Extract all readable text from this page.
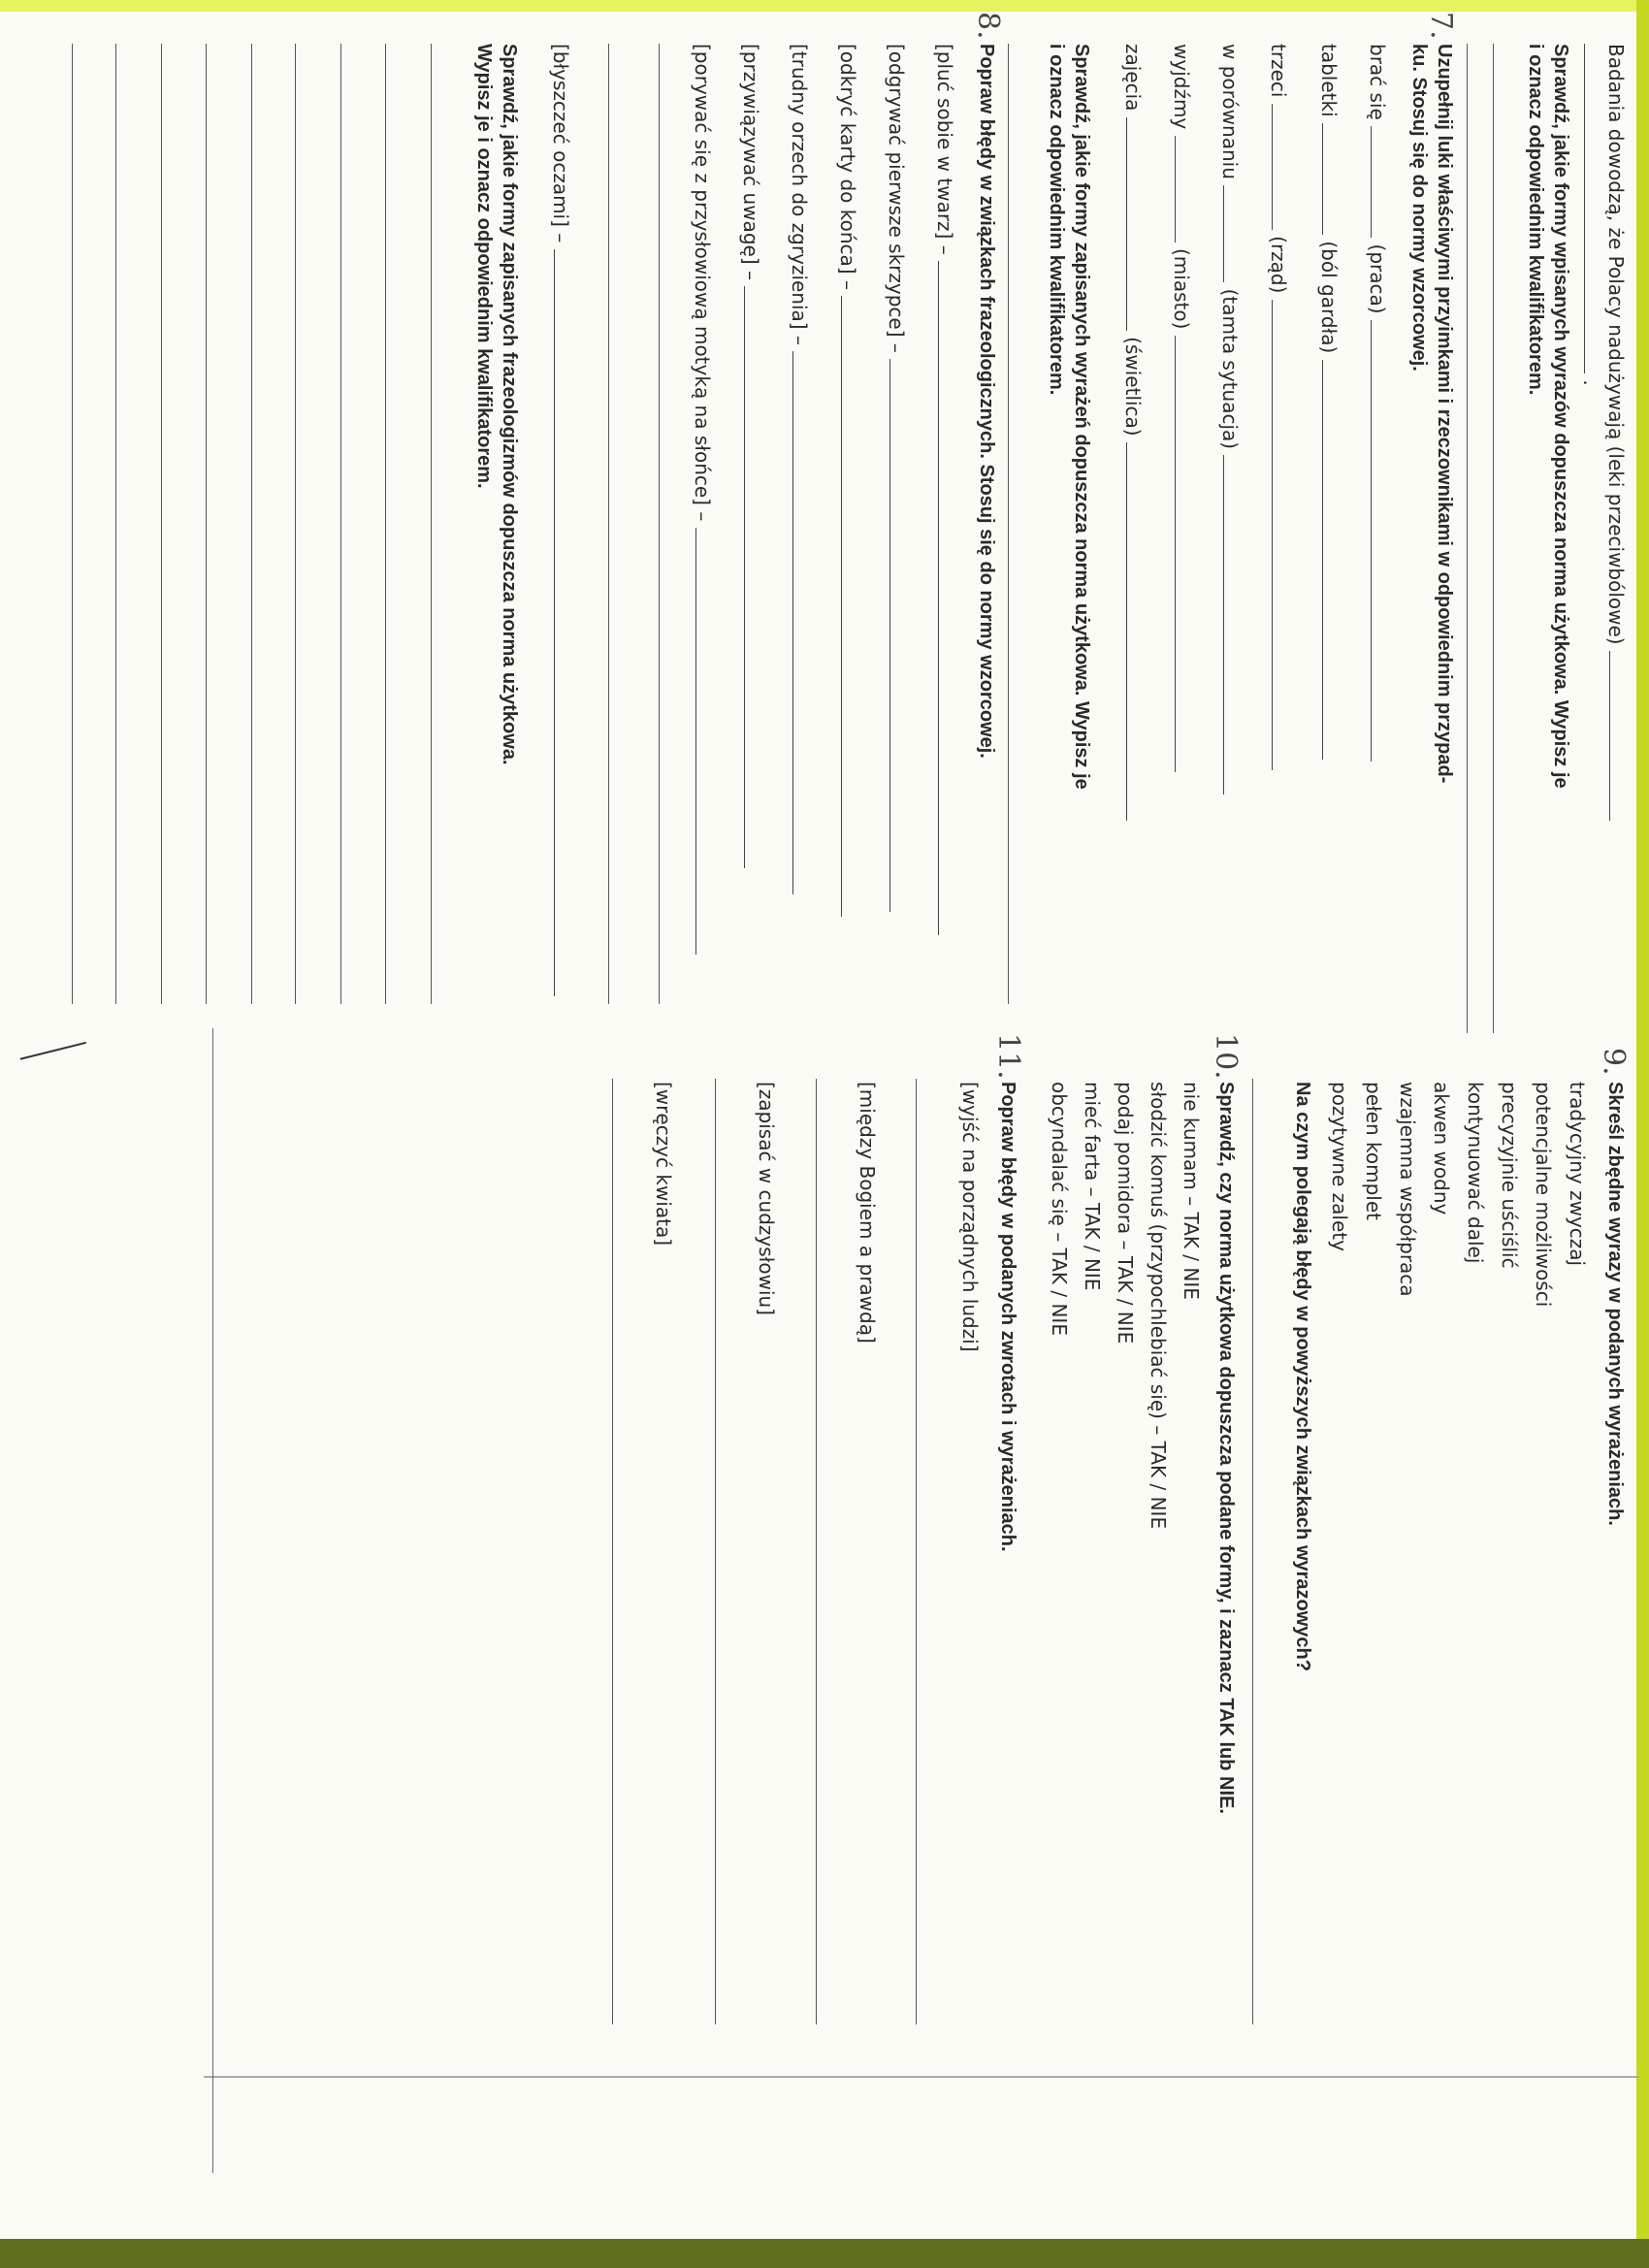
Badania dowodzą, że Polacy nadużywają (leki przeciwbólowe)
.
Sprawdź, jakie formy wpisanych wyrazów dopuszcza norma użytkowa. Wypisz je
i oznacz odpowiednim kwalifikatorem.
7.
Uzupełnij luki właściwymi przyimkami i rzeczownikami w odpowiednim przypad-
ku. Stosuj się do normy wzorcowej.
brać się  (praca)
tabletki  (ból gardła)
trzeci  (rząd)
w porównaniu  (tamta sytuacja)
wyjdźmy  (miasto)
zajęcia  (świetlica)
Sprawdź, jakie formy zapisanych wyrażeń dopuszcza norma użytkowa. Wypisz je
i oznacz odpowiednim kwalifikatorem.
8.
Popraw błędy w związkach frazeologicznych. Stosuj się do normy wzorcowej.
[pluć sobie w twarz] –
[odgrywać pierwsze skrzypce] –
[odkryć karty do końca] –
[trudny orzech do zgryzienia] –
[przywiązywać uwagę] –
[porywać się z przysłowiową motyką na słońce] –
[błyszczeć oczami] –
Sprawdź, jakie formy zapisanych frazeologizmów dopuszcza norma użytkowa.
Wypisz je i oznacz odpowiednim kwalifikatorem.
9.
Skreśl zbędne wyrazy w podanych wyrażeniach.
tradycyjny zwyczaj
potencjalne możliwości
precyzyjnie uściślić
kontynuować dalej
akwen wodny
wzajemna współpraca
pełen komplet
pozytywne zalety
Na czym polegają błędy w powyższych związkach wyrazowych?
10.
Sprawdź, czy norma użytkowa dopuszcza podane formy, i zaznacz TAK lub NIE.
nie kumam – TAK / NIE
słodzić komuś (przypochlebiać się) – TAK / NIE
podaj pomidora – TAK / NIE
mieć farta – TAK / NIE
obcyndalać się – TAK / NIE
11.
Popraw błędy w podanych zwrotach i wyrażeniach.
[wyjść na porządnych ludzi]
[między Bogiem a prawdą]
[zapisać w cudzysłowiu]
[wręczyć kwiata]
